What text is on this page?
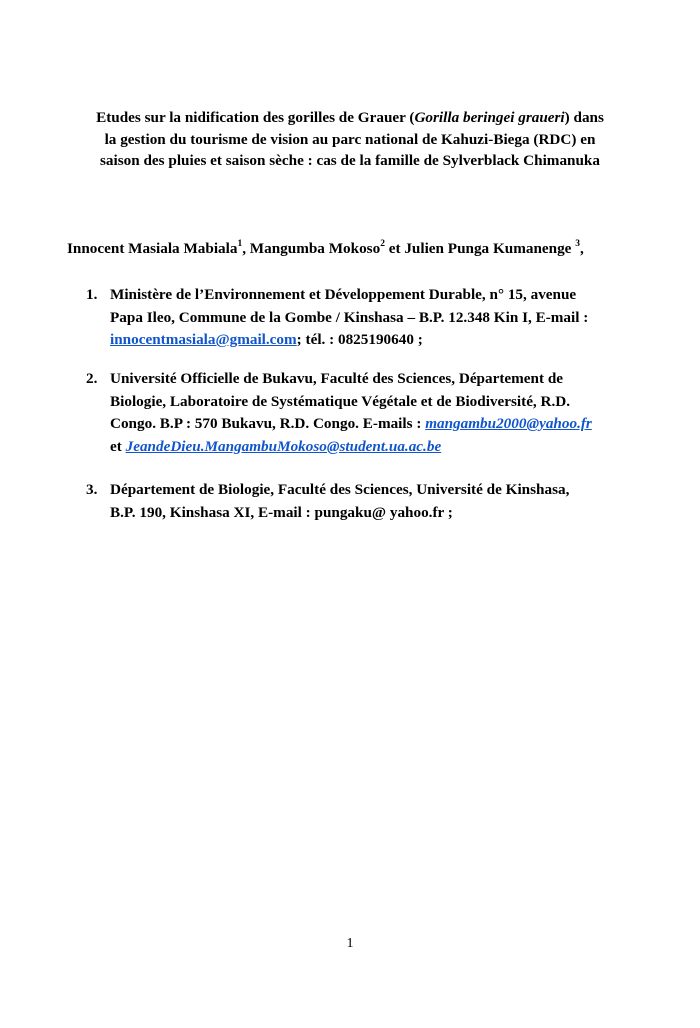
Etudes sur la nidification des gorilles de Grauer (Gorilla beringei graueri) dans
la gestion du tourisme de vision au parc national de Kahuzi-Biega (RDC) en
saison des pluies et saison sèche : cas de la famille de Sylverblack Chimanuka
Innocent Masiala Mabiala$^1$, Mangumba Mokoso$^2$ et Julien Punga Kumanenge $^3$,
1. Ministère de l’Environnement et Développement Durable, n° 15, avenue
Papa Ileo, Commune de la Gombe / Kinshasa – B.P. 12.348 Kin I, E-mail :
innocentmasiala@gmail.com; tél. : 0825190640 ;
2. Université Officielle de Bukavu, Faculté des Sciences, Département de
Biologie, Laboratoire de Systématique Végétale et de Biodiversité, R.D.
Congo. B.P : 570 Bukavu, R.D. Congo. E-mails : mangambu2000@yahoo.fr
et JeandeDieu.MangambuMokoso@student.ua.ac.be
3. Département de Biologie, Faculté des Sciences, Université de Kinshasa,
B.P. 190, Kinshasa XI, E-mail : pungaku@ yahoo.fr ;
1
